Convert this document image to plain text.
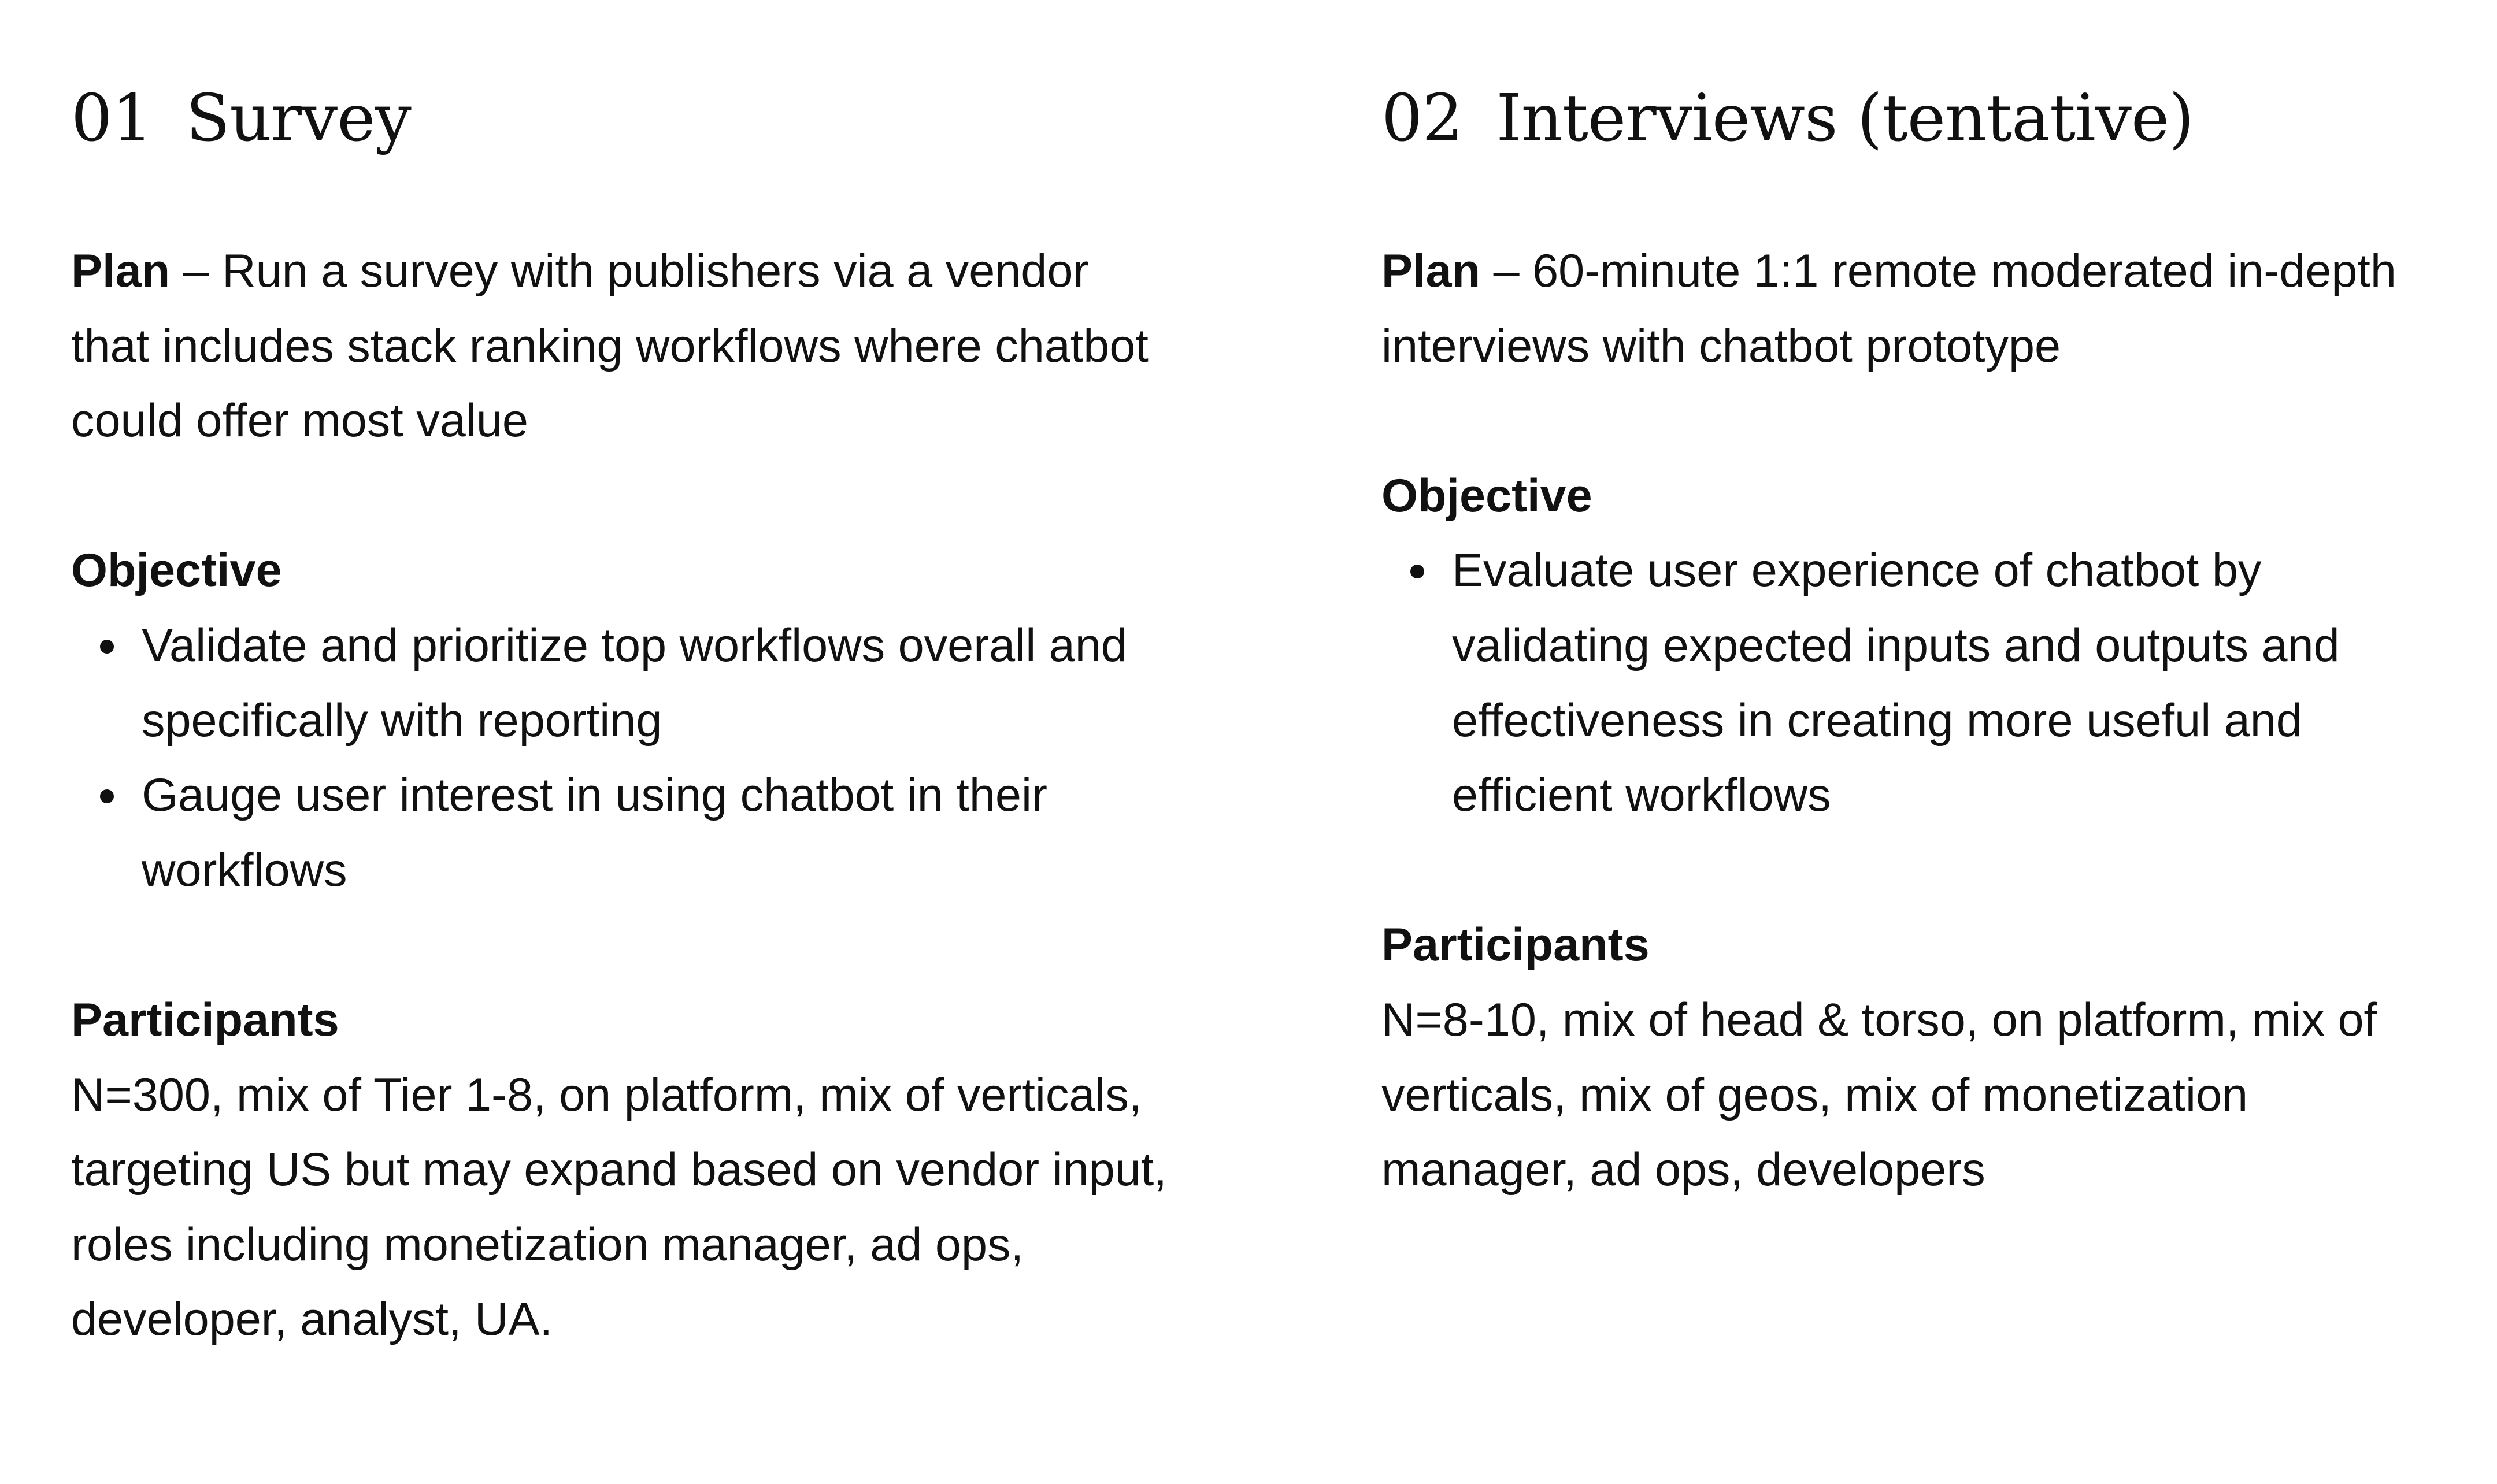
01 Survey

Plan – Run a survey with publishers via a vendor that includes stack ranking workflows where chatbot could offer most value

Objective

Validate and prioritize top workflows overall and specifically with reporting
Gauge user interest in using chatbot in their workflows

Participants

N=300, mix of Tier 1-8, on platform, mix of verticals, targeting US but may expand based on vendor input, roles including monetization manager, ad ops, developer, analyst, UA.

02 Interviews (tentative)

Plan – 60-minute 1:1 remote moderated in-depth interviews with chatbot prototype

Objective

Evaluate user experience of chatbot by validating expected inputs and outputs and effectiveness in creating more useful and efficient workflows

Participants

N=8-10, mix of head & torso, on platform, mix of verticals, mix of geos, mix of monetization manager, ad ops, developers
